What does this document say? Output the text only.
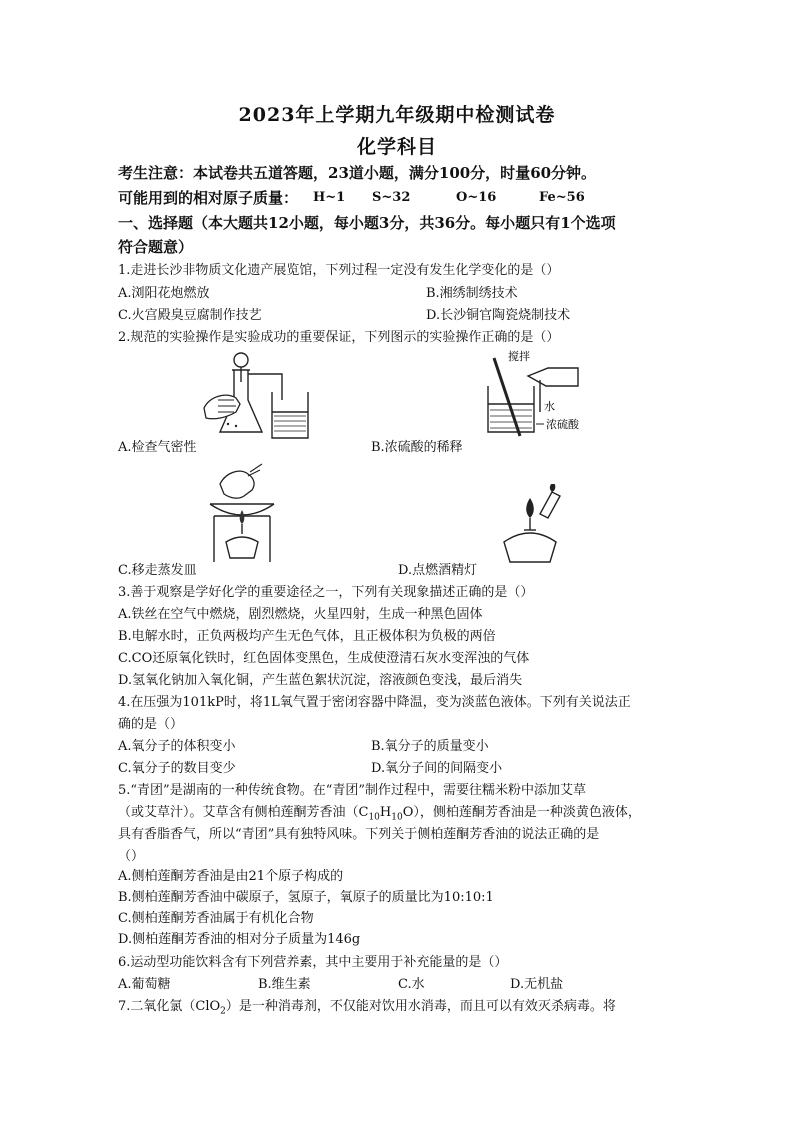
2023年上学期九年级期中检测试卷
化学科目
考生注意：本试卷共五道答题，23道小题，满分100分，时量60分钟。
可能用到的相对原子质量： H~1 S~32	O~16	Fe~56
一、选择题（本大题共12小题，每小题3分，共36分。每小题只有1个选项
符合题意）
1.走进长沙非物质文化遗产展览馆，下列过程一定没有发生化学变化的是（）
A.浏阳花炮燃放	B.湘绣制绣技术
C.火宫殿臭豆腐制作技艺	D.长沙铜官陶瓷烧制技术
2.规范的实验操作是实验成功的重要保证，下列图示的实验操作正确的是（）
搅拌
水
浓硫酸
A.检查气密性	B.浓硫酸的稀释
C.移走蒸发皿	D.点燃酒精灯
3.善于观察是学好化学的重要途径之一，下列有关现象描述正确的是（）
A.铁丝在空气中燃烧，剧烈燃烧，火星四射，生成一种黑色固体
B.电解水时，正负两极均产生无色气体，且正极体积为负极的两倍
C.CO还原氧化铁时，红色固体变黑色，生成使澄清石灰水变浑浊的气体
D.氢氧化钠加入氧化铜，产生蓝色絮状沉淀，溶液颜色变浅，最后消失
4.在压强为101kP时，将1L氧气置于密闭容器中降温，变为淡蓝色液体。下列有关说法正
确的是（）
A.氧分子的体积变小	B.氧分子的质量变小
C.氧分子的数目变少	D.氧分子间的间隔变小
5.“青团”是湖南的一种传统食物。在“青团”制作过程中，需要往糯米粉中添加艾草
（或艾草汁）。艾草含有侧柏莲酮芳香油$(C_{10}H_{10}O)$，侧柏莲酮芳香油是一种淡黄色液体，
具有香脂香气，所以“青团”具有独特风味。下列关于侧柏莲酮芳香油的说法正确的是
（）
A.侧柏莲酮芳香油是由21个原子构成的
B.侧柏莲酮芳香油中碳原子，氢原子，氧原子的质量比为10:10:1
C.侧柏莲酮芳香油属于有机化合物
D.侧柏莲酮芳香油的相对分子质量为146g
6.运动型功能饮料含有下列营养素，其中主要用于补充能量的是（）
A.葡萄糖	B.维生素	C.水	D.无机盐
7.二氧化氯（ClO$_2$）是一种消毒剂，不仅能对饮用水消毒，而且可以有效灭杀病毒。将
